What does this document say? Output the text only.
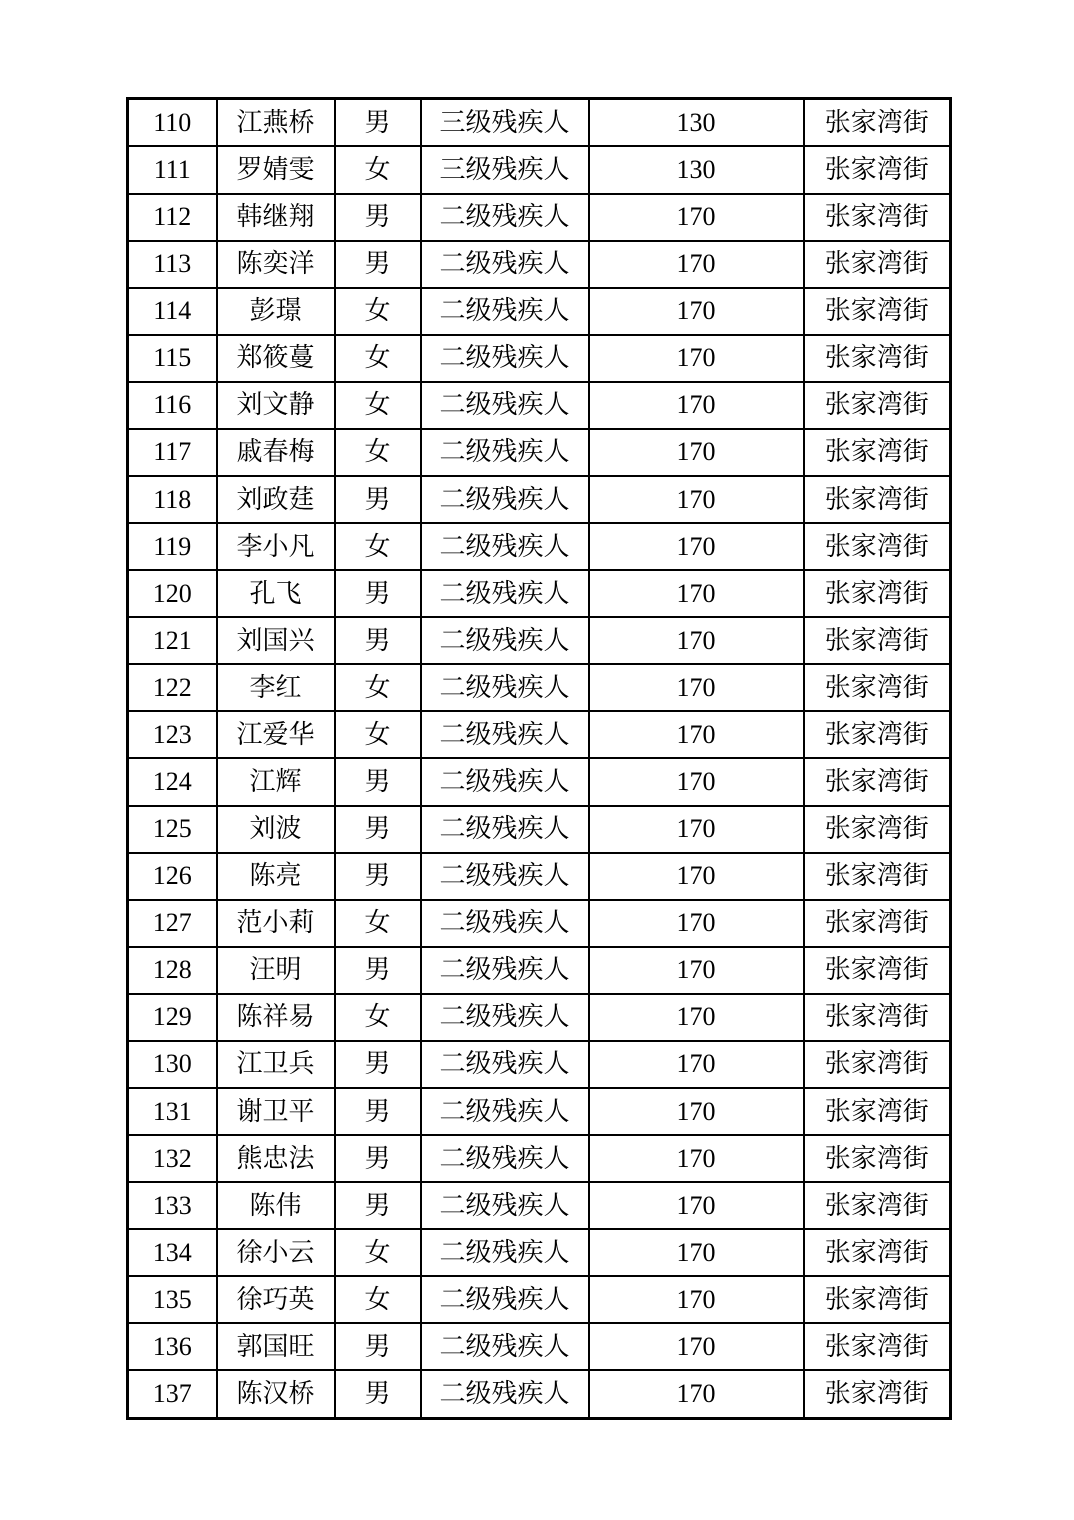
110	江燕桥	男	三级残疾人	130	张家湾街
111	罗婧雯	女	三级残疾人	130	张家湾街
112	韩继翔	男	二级残疾人	170	张家湾街
113	陈奕洋	男	二级残疾人	170	张家湾街
114	彭璟	女	二级残疾人	170	张家湾街
115	郑筱蔓	女	二级残疾人	170	张家湾街
116	刘文静	女	二级残疾人	170	张家湾街
117	戚春梅	女	二级残疾人	170	张家湾街
118	刘政莛	男	二级残疾人	170	张家湾街
119	李小凡	女	二级残疾人	170	张家湾街
120	孔飞	男	二级残疾人	170	张家湾街
121	刘国兴	男	二级残疾人	170	张家湾街
122	李红	女	二级残疾人	170	张家湾街
123	江爱华	女	二级残疾人	170	张家湾街
124	江辉	男	二级残疾人	170	张家湾街
125	刘波	男	二级残疾人	170	张家湾街
126	陈亮	男	二级残疾人	170	张家湾街
127	范小莉	女	二级残疾人	170	张家湾街
128	汪明	男	二级残疾人	170	张家湾街
129	陈祥易	女	二级残疾人	170	张家湾街
130	江卫兵	男	二级残疾人	170	张家湾街
131	谢卫平	男	二级残疾人	170	张家湾街
132	熊忠法	男	二级残疾人	170	张家湾街
133	陈伟	男	二级残疾人	170	张家湾街
134	徐小云	女	二级残疾人	170	张家湾街
135	徐巧英	女	二级残疾人	170	张家湾街
136	郭国旺	男	二级残疾人	170	张家湾街
137	陈汉桥	男	二级残疾人	170	张家湾街
